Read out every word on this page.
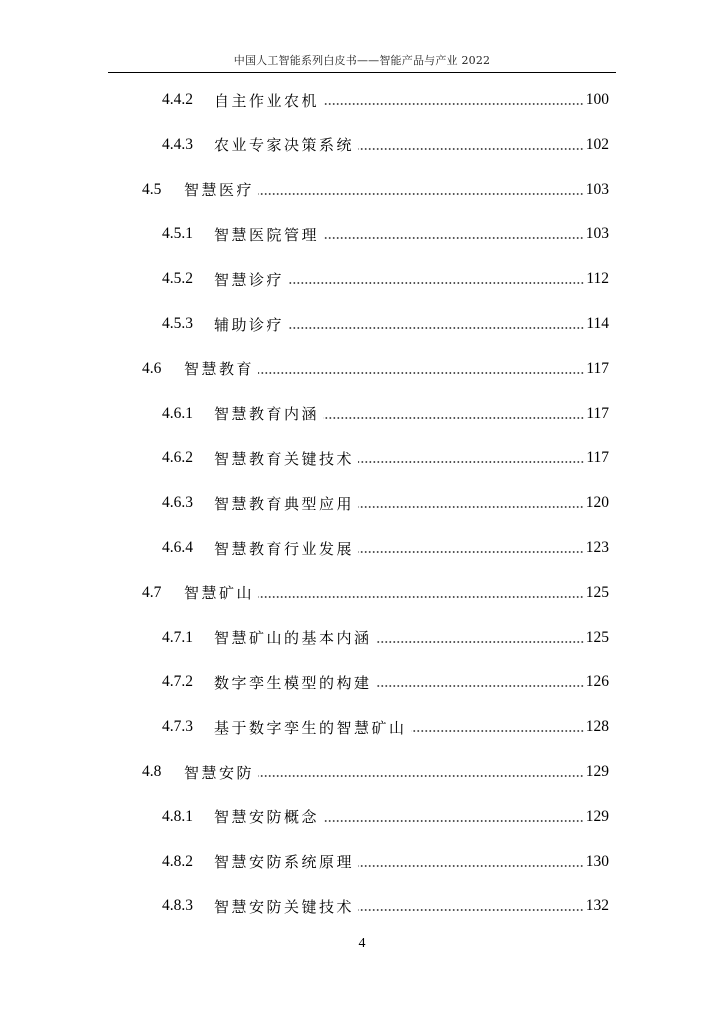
中国人工智能系列白皮书——智能产品与产业 2022
4.4.2	自主作业农机	100
4.4.3	农业专家决策系统	102
4.5	智慧医疗	103
4.5.1	智慧医院管理	103
4.5.2	智慧诊疗	112
4.5.3	辅助诊疗	114
4.6	智慧教育	117
4.6.1	智慧教育内涵	117
4.6.2	智慧教育关键技术	117
4.6.3	智慧教育典型应用	120
4.6.4	智慧教育行业发展	123
4.7	智慧矿山	125
4.7.1	智慧矿山的基本内涵	125
4.7.2	数字孪生模型的构建	126
4.7.3	基于数字孪生的智慧矿山	128
4.8	智慧安防	129
4.8.1	智慧安防概念	129
4.8.2	智慧安防系统原理	130
4.8.3	智慧安防关键技术	132
4
